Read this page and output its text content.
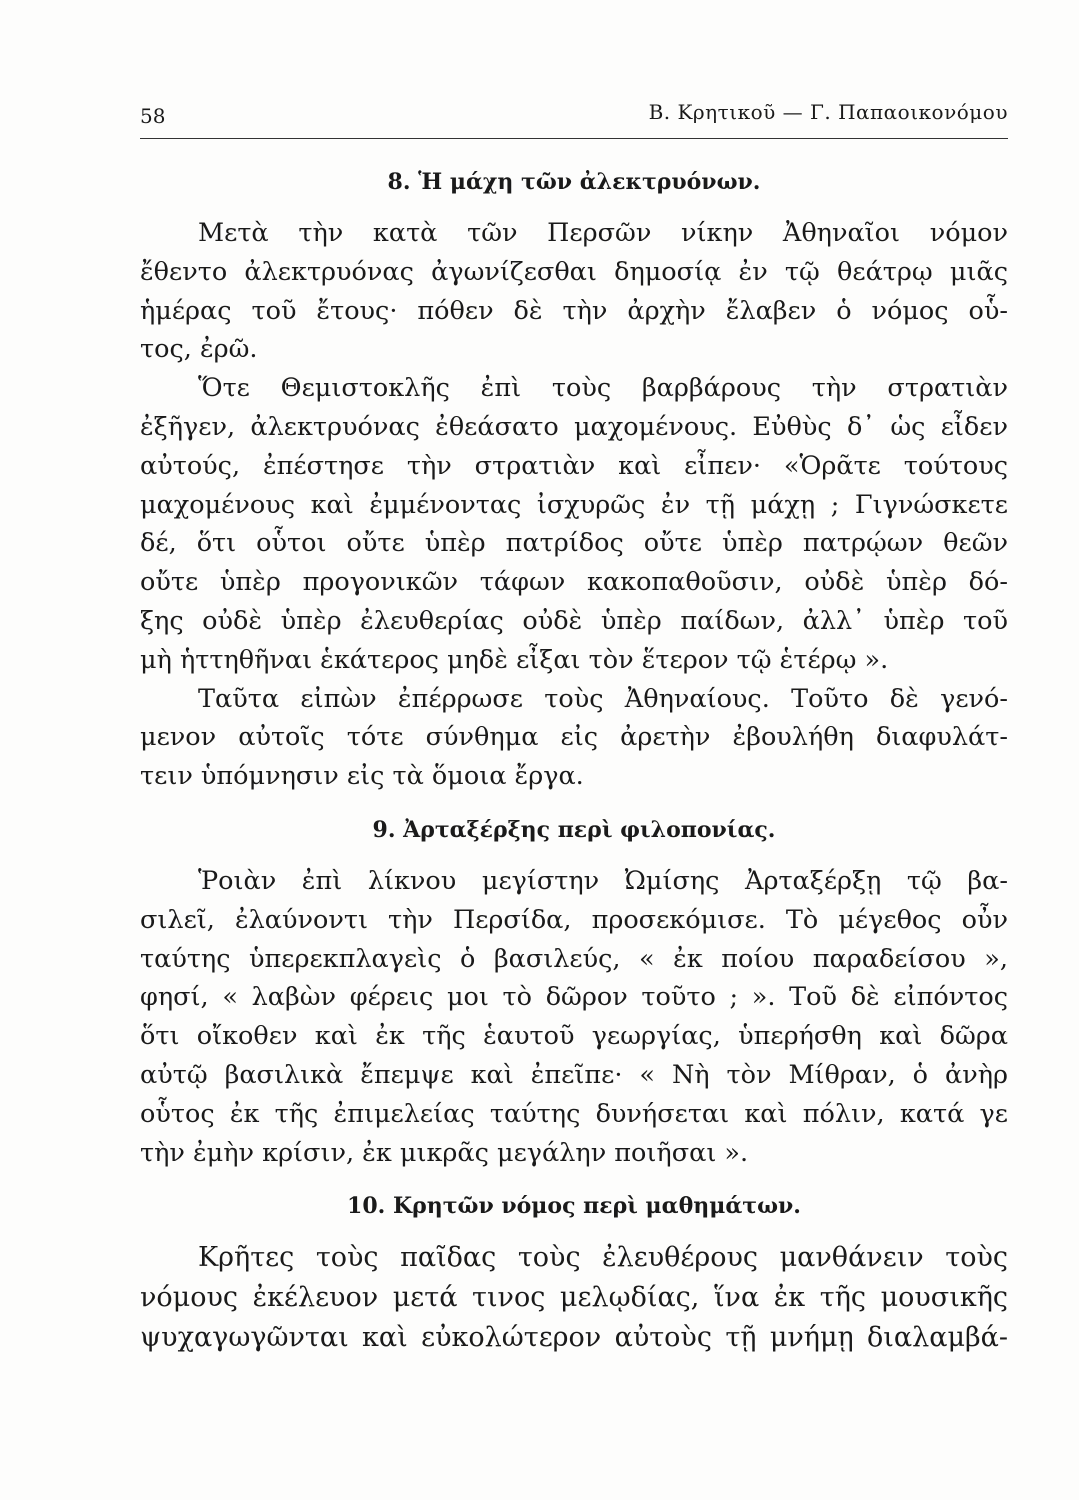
58	Β. Κρητικοῦ — Γ. Παπαοικονόμου
8. Ἡ μάχη τῶν ἀλεκτρυόνων.
Μετὰ τὴν κατὰ τῶν Περσῶν νίκην Ἀθηναῖοι νόμον
ἔθεντο ἀλεκτρυόνας ἀγωνίζεσθαι δημοσίᾳ ἐν τῷ θεάτρῳ μιᾶς
ἡμέρας τοῦ ἔτους· πόθεν δὲ τὴν ἀρχὴν ἔλαβεν ὁ νόμος οὗ-
τος, ἐρῶ.
Ὅτε Θεμιστοκλῆς ἐπὶ τοὺς βαρβάρους τὴν στρατιὰν
ἐξῆγεν, ἀλεκτρυόνας ἐθεάσατο μαχομένους. Εὐθὺς δ᾽ ὡς εἶδεν
αὐτούς, ἐπέστησε τὴν στρατιὰν καὶ εἶπεν· «Ὁρᾶτε τούτους
μαχομένους καὶ ἐμμένοντας ἰσχυρῶς ἐν τῇ μάχῃ ; Γιγνώσκετε
δέ, ὅτι οὗτοι οὔτε ὑπὲρ πατρίδος οὔτε ὑπὲρ πατρῴων θεῶν
οὔτε ὑπὲρ προγονικῶν τάφων κακοπαθοῦσιν, οὐδὲ ὑπὲρ δό-
ξης οὐδὲ ὑπὲρ ἐλευθερίας οὐδὲ ὑπὲρ παίδων, ἀλλ᾽ ὑπὲρ τοῦ
μὴ ἡττηθῆναι ἑκάτερος μηδὲ εἶξαι τὸν ἕτερον τῷ ἑτέρῳ ».
Ταῦτα εἰπὼν ἐπέρρωσε τοὺς Ἀθηναίους. Τοῦτο δὲ γενό-
μενον αὐτοῖς τότε σύνθημα εἰς ἀρετὴν ἐβουλήθη διαφυλάτ-
τειν ὑπόμνησιν εἰς τὰ ὅμοια ἔργα.
9. Ἀρταξέρξης περὶ φιλοπονίας.
Ῥοιὰν ἐπὶ λίκνου μεγίστην Ὠμίσης Ἀρταξέρξῃ τῷ βα-
σιλεῖ, ἐλαύνοντι τὴν Περσίδα, προσεκόμισε. Τὸ μέγεθος οὖν
ταύτης ὑπερεκπλαγεὶς ὁ βασιλεύς, « ἐκ ποίου παραδείσου »,
φησί, « λαβὼν φέρεις μοι τὸ δῶρον τοῦτο ; ». Τοῦ δὲ εἰπόντος
ὅτι οἴκοθεν καὶ ἐκ τῆς ἑαυτοῦ γεωργίας, ὑπερήσθη καὶ δῶρα
αὐτῷ βασιλικὰ ἔπεμψε καὶ ἐπεῖπε· « Νὴ τὸν Μίθραν, ὁ ἀνὴρ
οὗτος ἐκ τῆς ἐπιμελείας ταύτης δυνήσεται καὶ πόλιν, κατά γε
τὴν ἐμὴν κρίσιν, ἐκ μικρᾶς μεγάλην ποιῆσαι ».
10. Κρητῶν νόμος περὶ μαθημάτων.
Κρῆτες τοὺς παῖδας τοὺς ἐλευθέρους μανθάνειν τοὺς
νόμους ἐκέλευον μετά τινος μελῳδίας, ἵνα ἐκ τῆς μουσικῆς
ψυχαγωγῶνται καὶ εὐκολώτερον αὐτοὺς τῇ μνήμῃ διαλαμβά-
